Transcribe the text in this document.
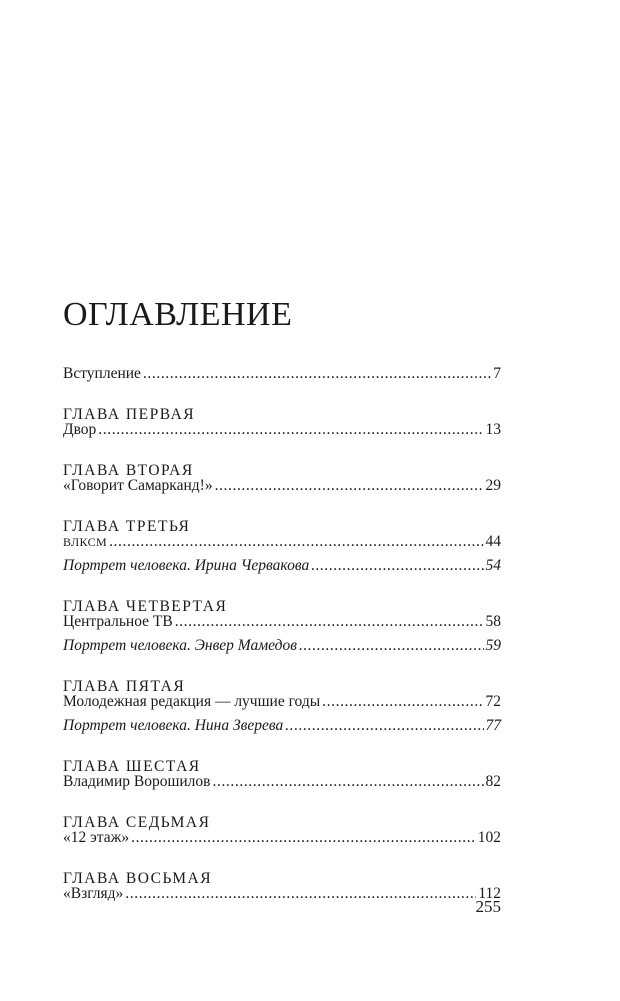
ОГЛАВЛЕНИЕ
Вступление .....	7
ГЛАВА ПЕРВАЯ
Двор .....	13
ГЛАВА ВТОРАЯ
«Говорит Самарканд!» .....	29
ГЛАВА ТРЕТЬЯ
ВЛКСМ .....	44
Портрет человека. Ирина Червакова .....	54
ГЛАВА ЧЕТВЕРТАЯ
Центральное ТВ .....	58
Портрет человека. Энвер Мамедов .....	59
ГЛАВА ПЯТАЯ
Молодежная редакция — лучшие годы .....	72
Портрет человека. Нина Зверева .....	77
ГЛАВА ШЕСТАЯ
Владимир Ворошилов .....	82
ГЛАВА СЕДЬМАЯ
«12 этаж» .....	102
ГЛАВА ВОСЬМАЯ
«Взгляд» .....	112
255
